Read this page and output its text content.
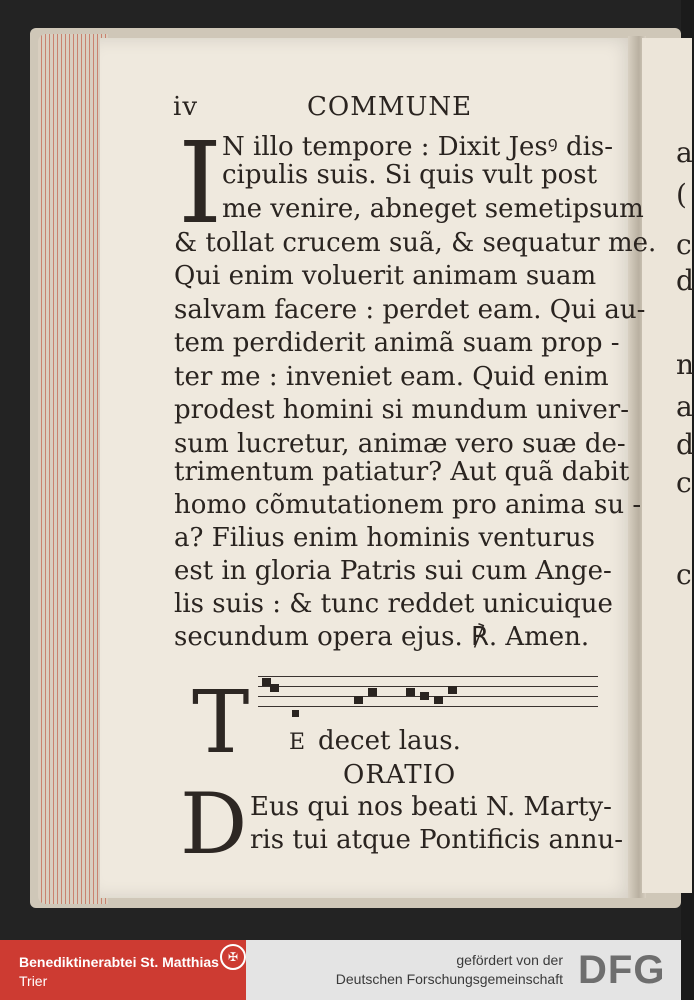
a
(
c
d
n
a
d
c
c
iv	COMMUNE
I N illo tempore : Dixit Jesꝰ dis-
cipulis suis. Si quis vult post
me venire, abneget semetipsum
& tollat crucem suã, & sequatur me.
Qui enim voluerit animam suam
salvam facere : perdet eam. Qui au-
tem perdiderit animã suam prop -
ter me : inveniet eam. Quid enim
prodest homini si mundum univer-
sum lucretur, animæ vero suæ de-
trimentum patiatur? Aut quã dabit
homo cõmutationem pro anima su -
a? Filius enim hominis venturus
est in gloria Patris sui cum Ange-
lis suis : & tunc reddet unicuique
secundum opera ejus. ℟. Amen.
T E decet laus.
ORATIO
D Eus qui nos beati N. Marty-
ris tui atque Pontificis annu-
Benediktinerabtei St. Matthias
Trier
✠	gefördert von der
Deutschen Forschungsgemeinschaft DFG
